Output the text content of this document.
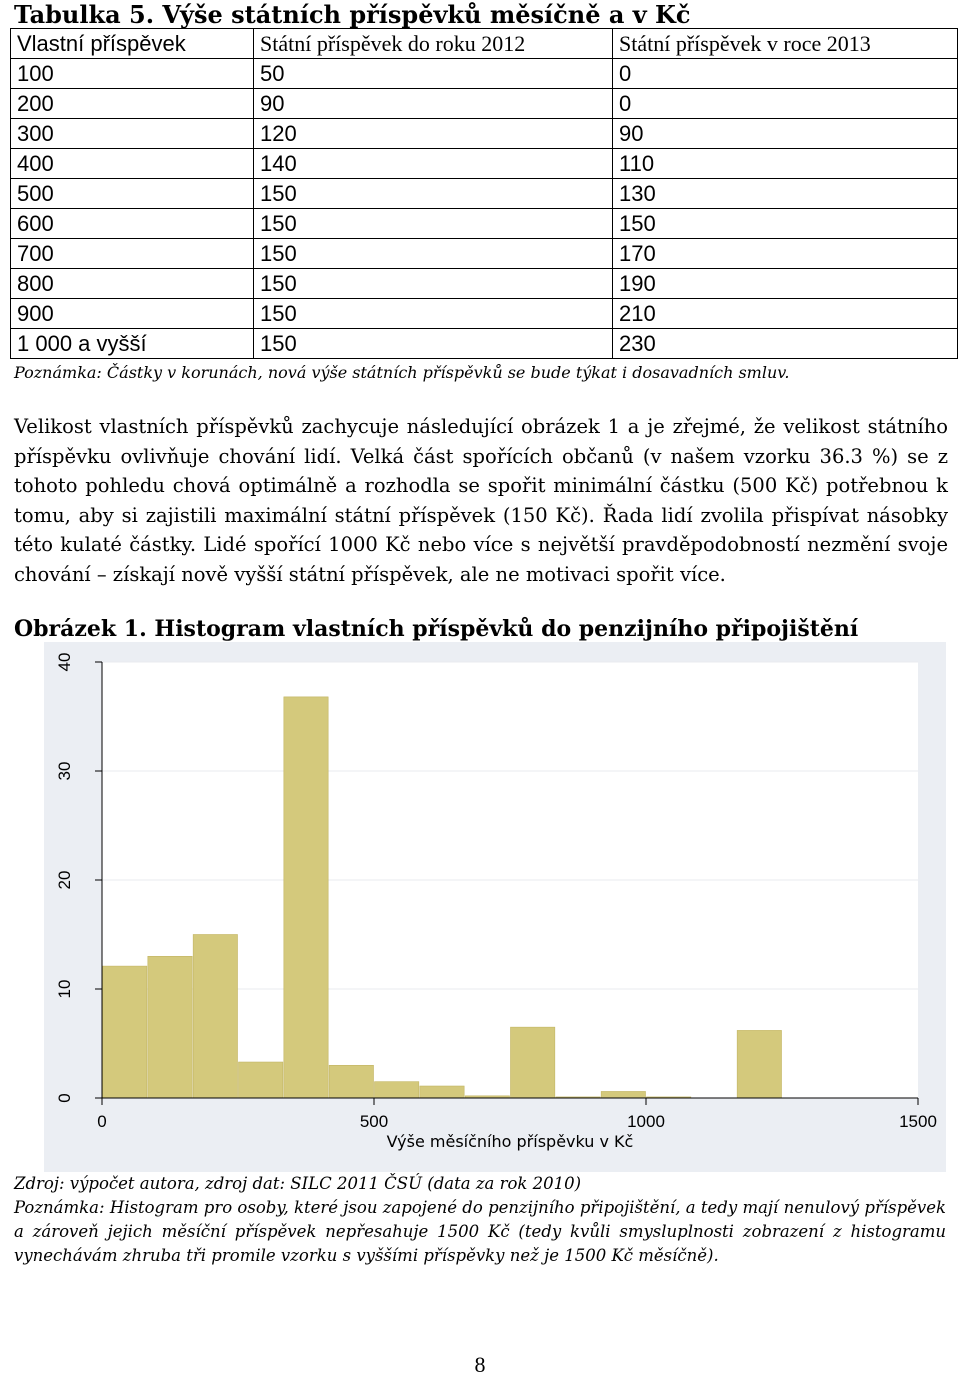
Tabulka 5. Výše státních příspěvků měsíčně a v Kč
Vlastní příspěvek	Státní příspěvek do roku 2012	Státní příspěvek v roce 2013
100	50	0
200	90	0
300	120	90
400	140	110
500	150	130
600	150	150
700	150	170
800	150	190
900	150	210
1 000 a vyšší	150	230
Poznámka: Částky v korunách, nová výše státních příspěvků se bude týkat i dosavadních smluv.
Velikost vlastních příspěvků zachycuje následující obrázek 1 a je zřejmé, že velikost státního příspěvku ovlivňuje chování lidí. Velká část spořících občanů (v našem vzorku 36.3 %) se z tohoto pohledu chová optimálně a rozhodla se spořit minimální částku (500 Kč) potřebnou k tomu, aby si zajistili maximální státní příspěvek (150 Kč). Řada lidí zvolila přispívat násobky této kulaté částky. Lidé spořící 1000 Kč nebo více s největší pravděpodobností nezmění svoje chování – získají nově vyšší státní příspěvek, ale ne motivaci spořit více.
Obrázek 1. Histogram vlastních příspěvků do penzijního připojištění
0
10
20
30
40
0	500	1000	1500
Výše měsíčního příspěvku v Kč
Zdroj: výpočet autora, zdroj dat: SILC 2011 ČSÚ (data za rok 2010)
Poznámka: Histogram pro osoby, které jsou zapojené do penzijního připojištění, a tedy mají nenulový příspěvek a zároveň jejich měsíční příspěvek nepřesahuje 1500 Kč (tedy kvůli smysluplnosti zobrazení z histogramu vynechávám zhruba tři promile vzorku s vyššími příspěvky než je 1500 Kč měsíčně).
8
